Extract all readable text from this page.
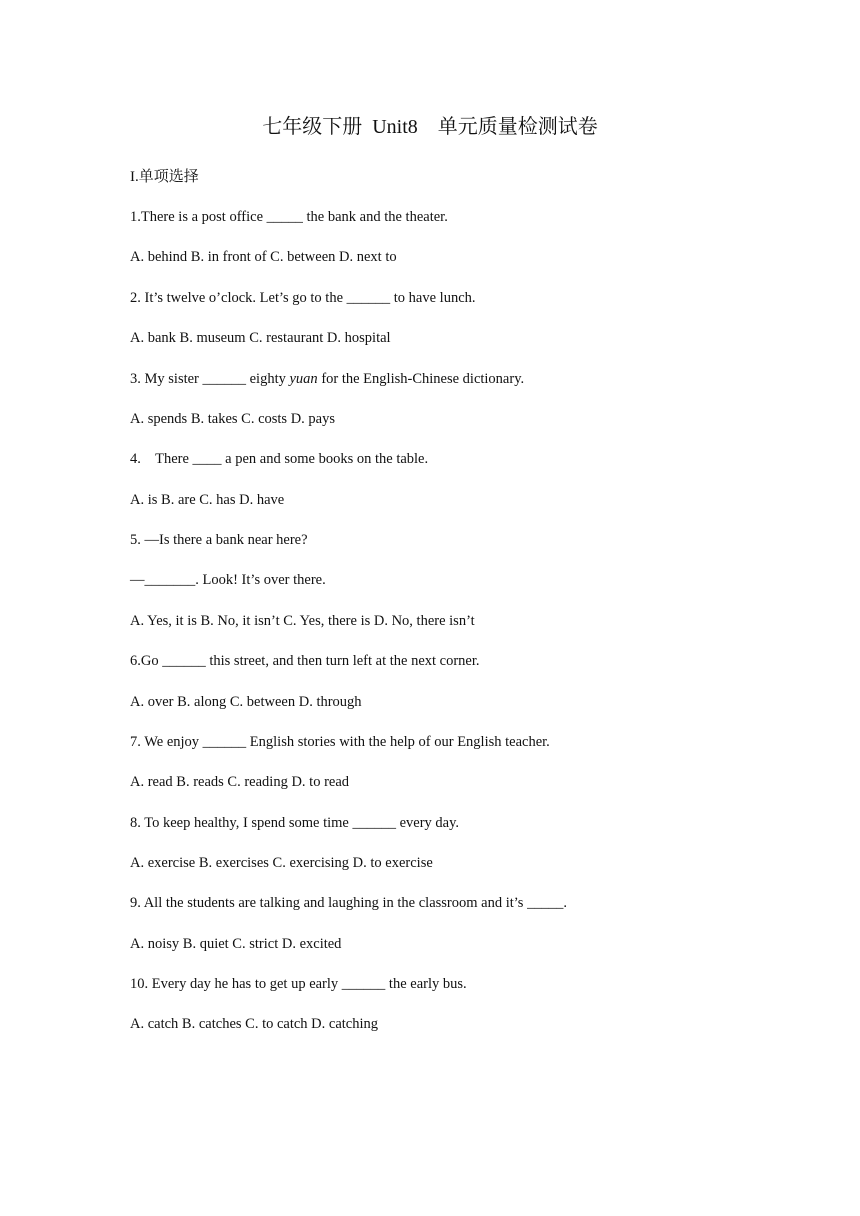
七年级下册  Unit8    单元质量检测试卷
I.单项选择
1.There is a post office _____ the bank and the theater.
A. behind B. in front of C. between D. next to
2. It’s twelve o’clock. Let’s go to the ______ to have lunch.
A. bank B. museum C. restaurant D. hospital
3. My sister ______ eighty yuan for the English-Chinese dictionary.
A. spends B. takes C. costs D. pays
4.    There ____ a pen and some books on the table.
A. is B. are C. has D. have
5. —Is there a bank near here?
—_______. Look! It’s over there.
A. Yes, it is B. No, it isn’t C. Yes, there is D. No, there isn’t
6.Go ______ this street, and then turn left at the next corner.
A. over B. along C. between D. through
7. We enjoy ______ English stories with the help of our English teacher.
A. read B. reads C. reading D. to read
8. To keep healthy, I spend some time ______ every day.
A. exercise B. exercises C. exercising D. to exercise
9. All the students are talking and laughing in the classroom and it’s _____.
A. noisy B. quiet C. strict D. excited
10. Every day he has to get up early ______ the early bus.
A. catch B. catches C. to catch D. catching
